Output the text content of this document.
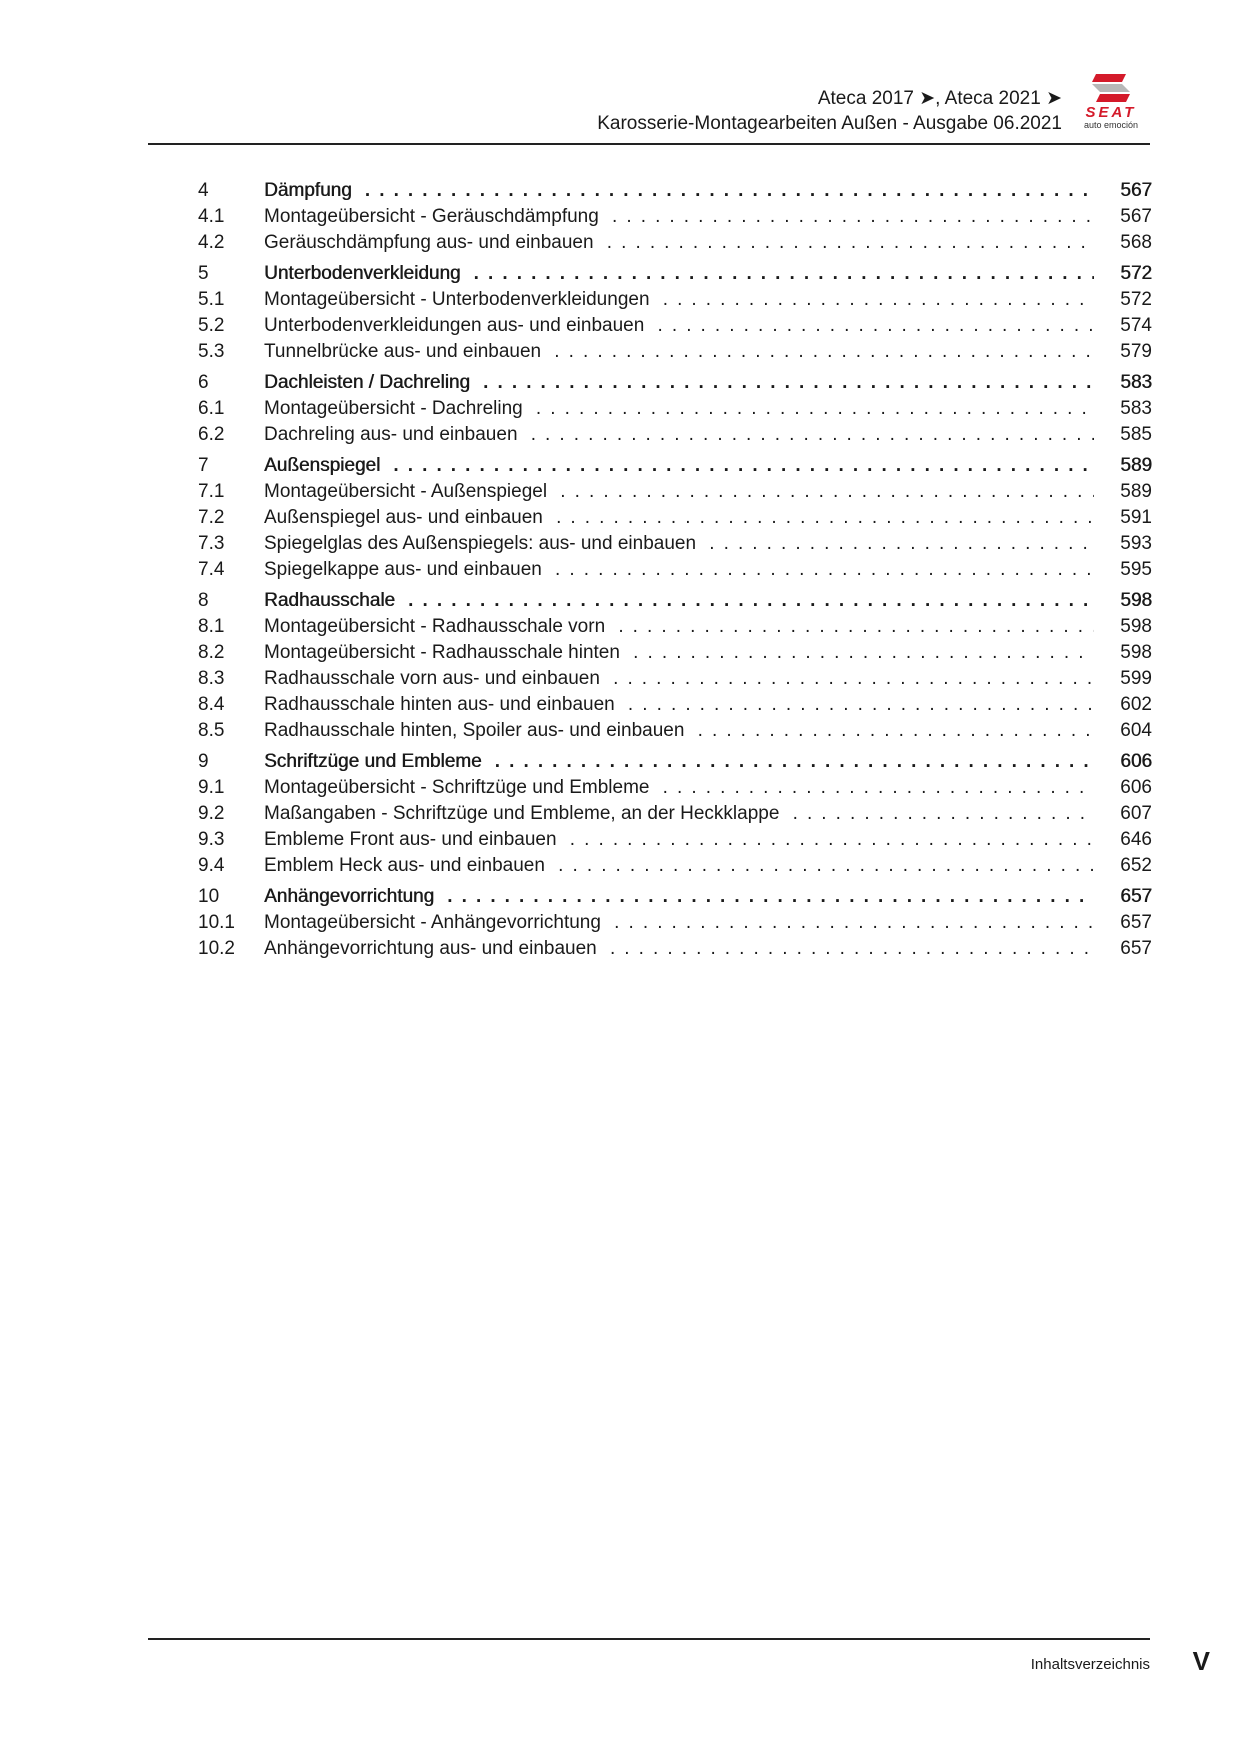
Ateca 2017 ➤, Ateca 2021 ➤
Karosserie-Montagearbeiten Außen - Ausgabe 06.2021
SEAT
auto emoción
4	Dämpfung . . .	567
4.1 Montageübersicht - Geräuschdämpfung . . .	567
4.2 Geräuschdämpfung aus- und einbauen . . .	568
5	Unterbodenverkleidung . . .	572
5.1 Montageübersicht - Unterbodenverkleidungen . . .	572
5.2 Unterbodenverkleidungen aus- und einbauen . . .	574
5.3 Tunnelbrücke aus- und einbauen . . .	579
6	Dachleisten / Dachreling . . .	583
6.1 Montageübersicht - Dachreling . . .	583
6.2 Dachreling aus- und einbauen . . .	585
7	Außenspiegel . . .	589
7.1 Montageübersicht - Außenspiegel . . .	589
7.2 Außenspiegel aus- und einbauen . . .	591
7.3 Spiegelglas des Außenspiegels: aus- und einbauen . . .	593
7.4 Spiegelkappe aus- und einbauen . . .	595
8	Radhausschale . . .	598
8.1 Montageübersicht - Radhausschale vorn . . .	598
8.2 Montageübersicht - Radhausschale hinten . . .	598
8.3 Radhausschale vorn aus- und einbauen . . .	599
8.4 Radhausschale hinten aus- und einbauen . . .	602
8.5 Radhausschale hinten, Spoiler aus- und einbauen . . .	604
9	Schriftzüge und Embleme . . .	606
9.1 Montageübersicht - Schriftzüge und Embleme . . .	606
9.2 Maßangaben - Schriftzüge und Embleme, an der Heckklappe . . .	607
9.3 Embleme Front aus- und einbauen . . .	646
9.4 Emblem Heck aus- und einbauen . . .	652
10 Anhängevorrichtung . . .	657
10.1 Montageübersicht - Anhängevorrichtung . . .	657
10.2 Anhängevorrichtung aus- und einbauen . . .	657
Inhaltsverzeichnis V
